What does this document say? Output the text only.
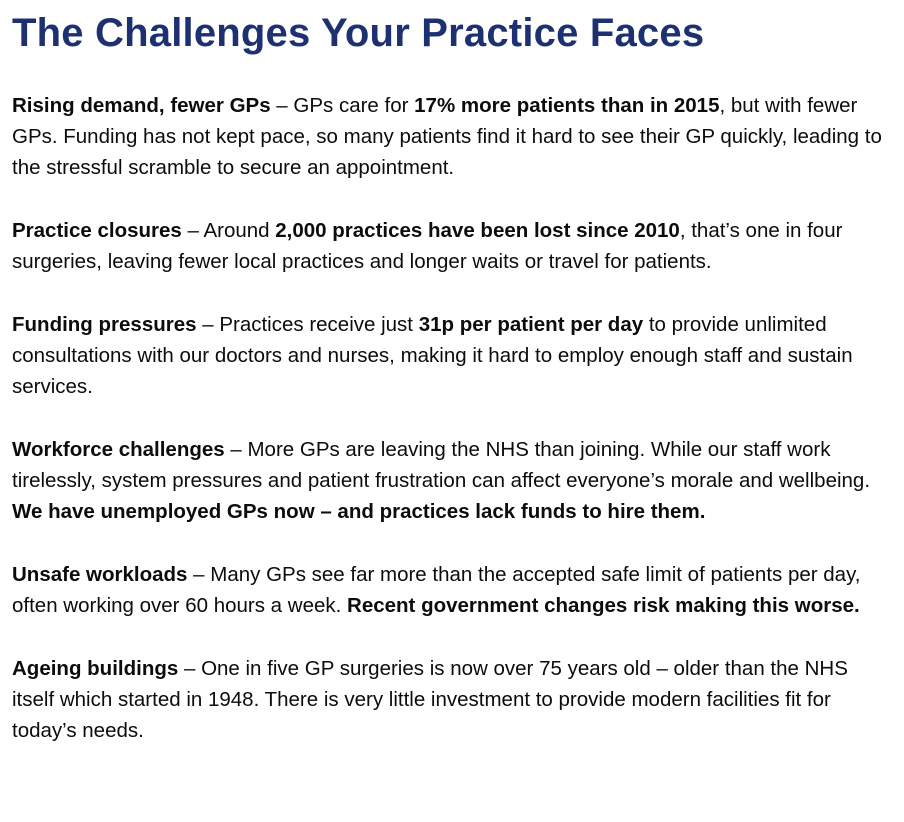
The Challenges Your Practice Faces

Rising demand, fewer GPs – GPs care for 17% more patients than in 2015, but with fewer GPs. Funding has not kept pace, so many patients find it hard to see their GP quickly, leading to the stressful scramble to secure an appointment.

Practice closures – Around 2,000 practices have been lost since 2010, that’s one in four surgeries, leaving fewer local practices and longer waits or travel for patients.

Funding pressures – Practices receive just 31p per patient per day to provide unlimited consultations with our doctors and nurses, making it hard to employ enough staff and sustain services.

Workforce challenges – More GPs are leaving the NHS than joining. While our staff work tirelessly, system pressures and patient frustration can affect everyone’s morale and wellbeing. We have unemployed GPs now – and practices lack funds to hire them.

Unsafe workloads – Many GPs see far more than the accepted safe limit of patients per day, often working over 60 hours a week. Recent government changes risk making this worse.

Ageing buildings – One in five GP surgeries is now over 75 years old – older than the NHS itself which started in 1948. There is very little investment to provide modern facilities fit for today’s needs.
